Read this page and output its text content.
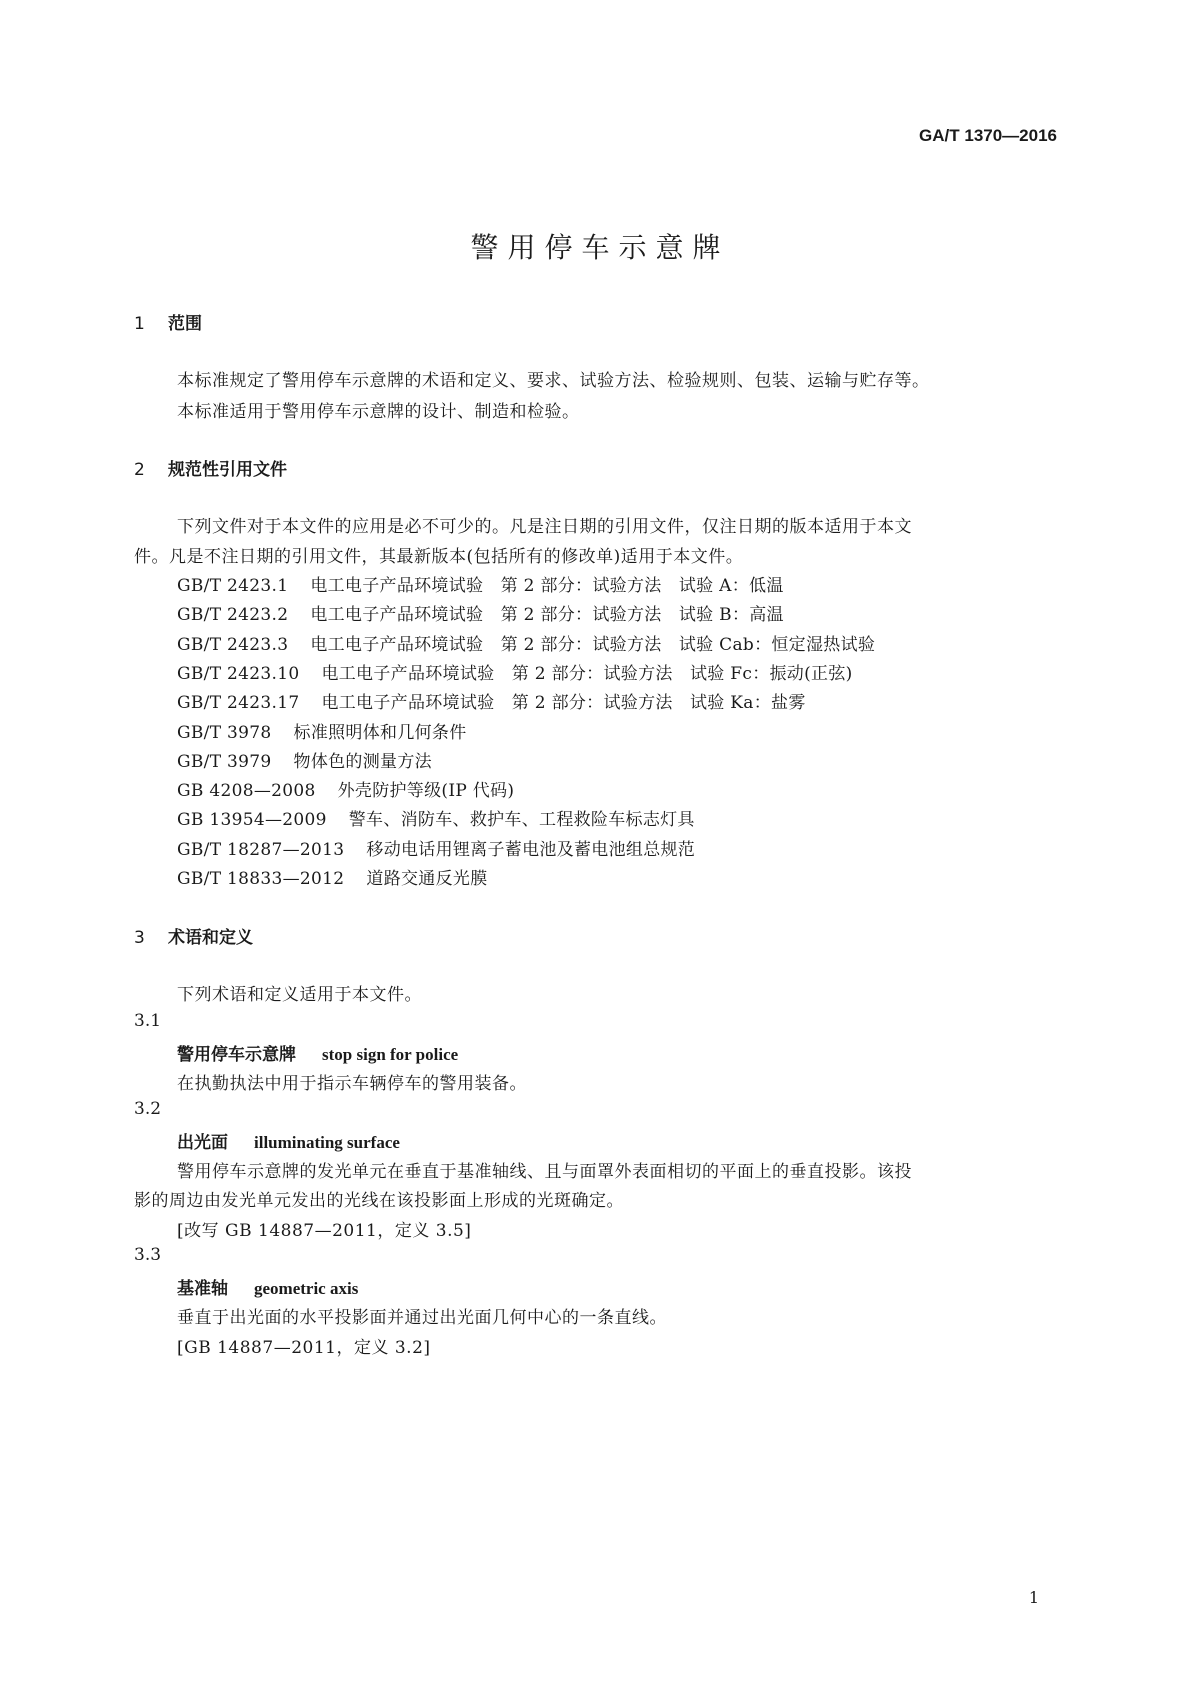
GA/T 1370—2016
警用停车示意牌
1 范围
本标准规定了警用停车示意牌的术语和定义、要求、试验方法、检验规则、包装、运输与贮存等。
本标准适用于警用停车示意牌的设计、制造和检验。
2 规范性引用文件
下列文件对于本文件的应用是必不可少的。凡是注日期的引用文件，仅注日期的版本适用于本文
件。凡是不注日期的引用文件，其最新版本(包括所有的修改单)适用于本文件。
GB/T 2423.1 电工电子产品环境试验　第 2 部分：试验方法　试验 A：低温
GB/T 2423.2 电工电子产品环境试验　第 2 部分：试验方法　试验 B：高温
GB/T 2423.3 电工电子产品环境试验　第 2 部分：试验方法　试验 Cab：恒定湿热试验
GB/T 2423.10 电工电子产品环境试验　第 2 部分：试验方法　试验 Fc：振动(正弦)
GB/T 2423.17 电工电子产品环境试验　第 2 部分：试验方法　试验 Ka：盐雾
GB/T 3978 标准照明体和几何条件
GB/T 3979 物体色的测量方法
GB 4208—2008 外壳防护等级(IP 代码)
GB 13954—2009 警车、消防车、救护车、工程救险车标志灯具
GB/T 18287—2013 移动电话用锂离子蓄电池及蓄电池组总规范
GB/T 18833—2012 道路交通反光膜
3 术语和定义
下列术语和定义适用于本文件。
3.1
警用停车示意牌 stop sign for police
在执勤执法中用于指示车辆停车的警用装备。
3.2
出光面 illuminating surface
警用停车示意牌的发光单元在垂直于基准轴线、且与面罩外表面相切的平面上的垂直投影。该投
影的周边由发光单元发出的光线在该投影面上形成的光斑确定。
[改写 GB 14887—2011，定义 3.5]
3.3
基准轴 geometric axis
垂直于出光面的水平投影面并通过出光面几何中心的一条直线。
[GB 14887—2011，定义 3.2]
1
